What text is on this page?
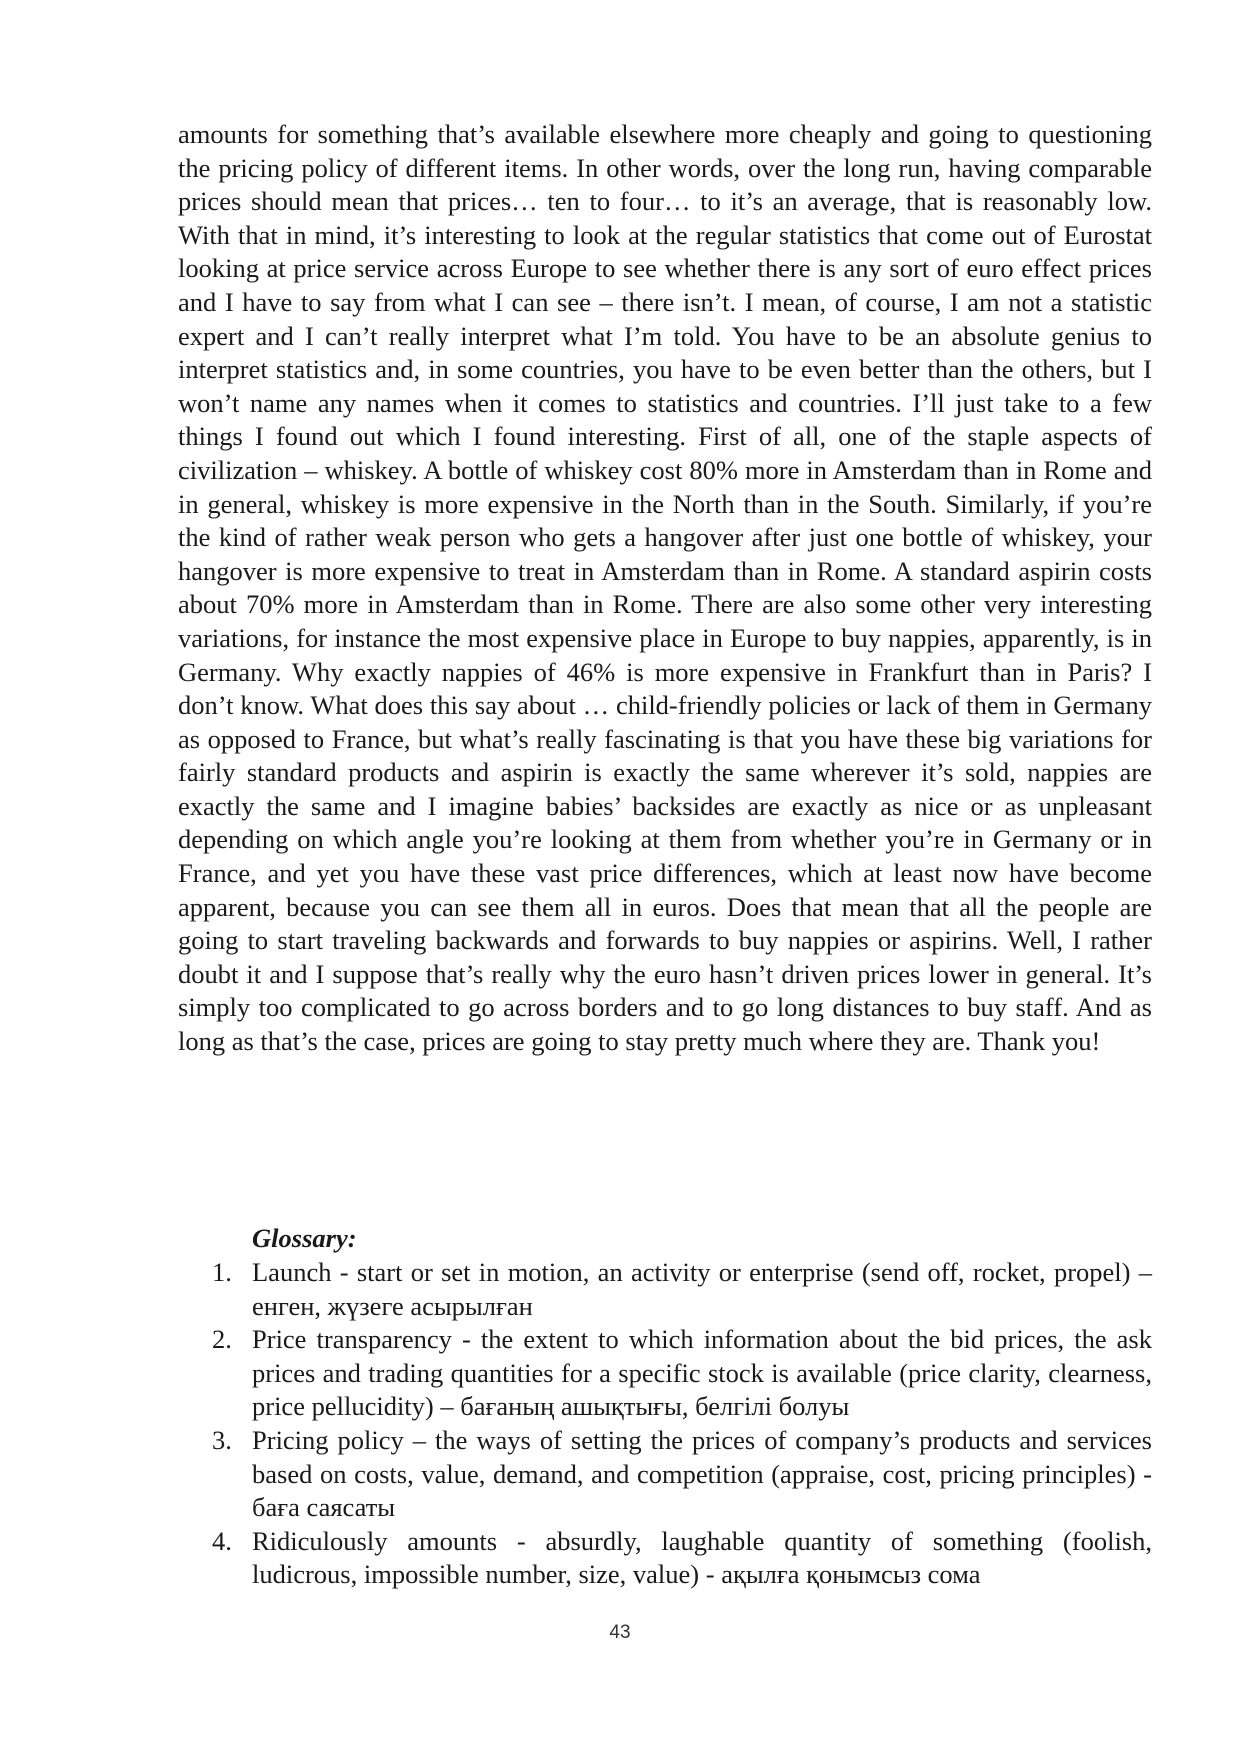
amounts for something that’s available elsewhere more cheaply and going to questioning the pricing policy of different items. In other words, over the long run, having comparable prices should mean that prices… ten to four… to it’s an average, that is reasonably low. With that in mind, it’s interesting to look at the regular statistics that come out of Eurostat looking at price service across Europe to see whether there is any sort of euro effect prices and I have to say from what I can see – there isn’t. I mean, of course, I am not a statistic expert and I can’t really interpret what I’m told. You have to be an absolute genius to interpret statistics and, in some countries, you have to be even better than the others, but I won’t name any names when it comes to statistics and countries. I’ll just take to a few things I found out which I found interesting. First of all, one of the staple aspects of civilization – whiskey. A bottle of whiskey cost 80% more in Amsterdam than in Rome and in general, whiskey is more expensive in the North than in the South. Similarly, if you’re the kind of rather weak person who gets a hangover after just one bottle of whiskey, your hangover is more expensive to treat in Amsterdam than in Rome. A standard aspirin costs about 70% more in Amsterdam than in Rome. There are also some other very interesting variations, for instance the most expensive place in Europe to buy nappies, apparently, is in Germany. Why exactly nappies of 46% is more expensive in Frankfurt than in Paris? I don’t know. What does this say about … child-friendly policies or lack of them in Germany as opposed to France, but what’s really fascinating is that you have these big variations for fairly standard products and aspirin is exactly the same wherever it’s sold, nappies are exactly the same and I imagine babies’ backsides are exactly as nice or as unpleasant depending on which angle you’re looking at them from whether you’re in Germany or in France, and yet you have these vast price differences, which at least now have become apparent, because you can see them all in euros. Does that mean that all the people are going to start traveling backwards and forwards to buy nappies or aspirins. Well, I rather doubt it and I suppose that’s really why the euro hasn’t driven prices lower in general. It’s simply too complicated to go across borders and to go long distances to buy staff. And as long as that’s the case, prices are going to stay pretty much where they are. Thank you!

Glossary:

1. Launch - start or set in motion, an activity or enterprise (send off, rocket, propel) – енген, жүзеге асырылған
2. Price transparency - the extent to which information about the bid prices, the ask prices and trading quantities for a specific stock is available (price clarity, clearness, price pellucidity) – бағаның ашықтығы, белгілі болуы
3. Pricing policy – the ways of setting the prices of company’s products and services based on costs, value, demand, and competition (appraise, cost, pricing principles) - баға саясаты
4. Ridiculously amounts - absurdly, laughable quantity of something (foolish, ludicrous, impossible number, size, value) - ақылға қонымсыз сома
43
